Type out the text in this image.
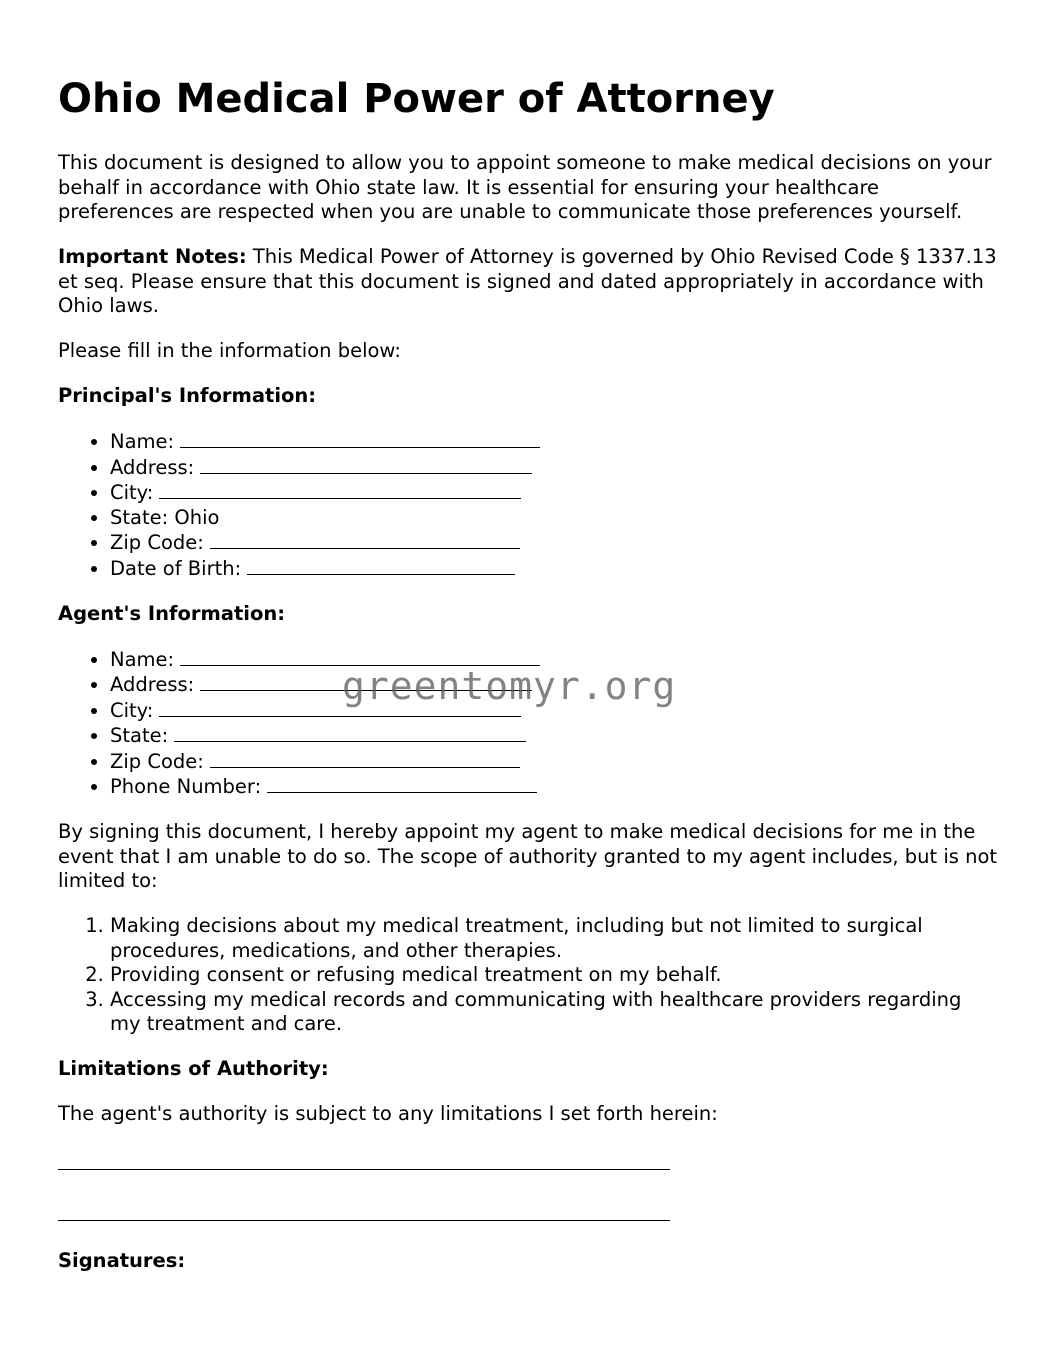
Ohio Medical Power of Attorney

This document is designed to allow you to appoint someone to make medical decisions on your behalf in accordance with Ohio state law. It is essential for ensuring your healthcare preferences are respected when you are unable to communicate those preferences yourself.

Important Notes: This Medical Power of Attorney is governed by Ohio Revised Code § 1337.13 et seq. Please ensure that this document is signed and dated appropriately in accordance with Ohio laws.

Please fill in the information below:

Principal's Information:

• Name:
• Address:
• City:
• State: Ohio
• Zip Code:
• Date of Birth:

Agent's Information:

• Name:
• Address:
• City:
• State:
• Zip Code:
• Phone Number:

By signing this document, I hereby appoint my agent to make medical decisions for me in the event that I am unable to do so. The scope of authority granted to my agent includes, but is not limited to:

1. Making decisions about my medical treatment, including but not limited to surgical procedures, medications, and other therapies.
2. Providing consent or refusing medical treatment on my behalf.
3. Accessing my medical records and communicating with healthcare providers regarding my treatment and care.

Limitations of Authority:

The agent's authority is subject to any limitations I set forth herein:

Signatures:

greentomyr.org
